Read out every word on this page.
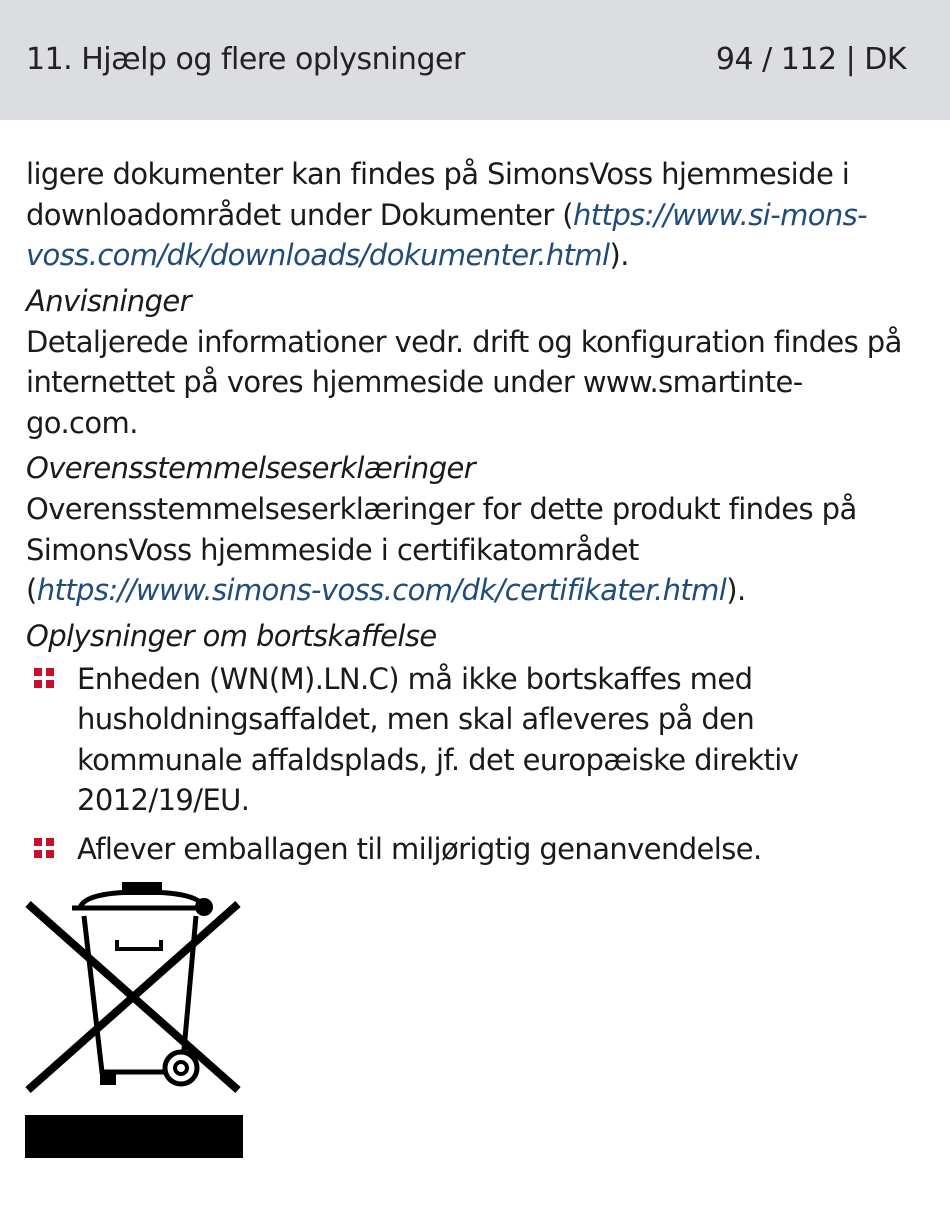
11. Hjælp og flere oplysninger	94 / 112 | DK

ligere dokumenter kan findes på SimonsVoss hjemmeside i downloadområdet under Dokumenter (https://www.si-mons-voss.com/dk/downloads/dokumenter.html).

Anvisninger

Detaljerede informationer vedr. drift og konfiguration findes på internettet på vores hjemmeside under www.smartinte-go.com.

Overensstemmelseserklæringer

Overensstemmelseserklæringer for dette produkt findes på SimonsVoss hjemmeside i certifikatområdet (https://www.simons-voss.com/dk/certifikater.html).

Oplysninger om bortskaffelse

Enheden (WN(M).LN.C) må ikke bortskaffes med husholdningsaffaldet, men skal afleveres på den kommunale affaldsplads, jf. det europæiske direktiv 2012/19/EU.
Aflever emballagen til miljørigtig genanvendelse.
